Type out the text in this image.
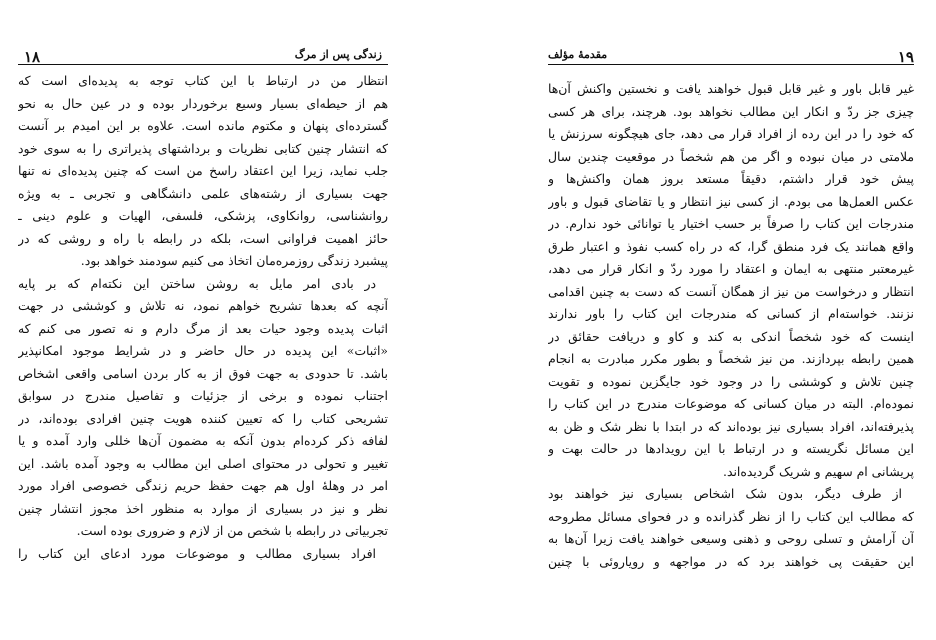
۱۸	زندگی پس از مرگ
انتظار من در ارتباط با این کتاب توجه به پدیده‌ای است که
هم از حیطه‌ای بسیار وسیع برخوردار بوده و در عین حال به نحو
گسترده‌ای پنهان و مکتوم مانده است. علاوه بر این امیدم بر آنست
که انتشار چنین کتابی نظریات و برداشتهای پذیراتری را به سوی خود
جلب نماید، زیرا این اعتقاد راسخ من است که چنین پدیده‌ای نه تنها
جهت بسیاری از رشته‌های علمی دانشگاهی و تجربی ـ به ویژه
روانشناسی، روانکاوی، پزشکی، فلسفی، الهیات و علوم دینی ـ
حائز اهمیت فراوانی است، بلکه در رابطه با راه و روشی که در
پیشبرد زندگی روزمره‌مان اتخاذ می کنیم سودمند خواهد بود.
در بادی امر مایل به روشن ساختن این نکته‌ام که بر پایه
آنچه که بعدها تشریح خواهم نمود، نه تلاش و کوششی در جهت
اثبات پدیده وجود حیات بعد از مرگ دارم و نه تصور می کنم که
«اثبات» این پدیده در حال حاضر و در شرایط موجود امکانپذیر
باشد. تا حدودی به جهت فوق از به کار بردن اسامی واقعی اشخاص
اجتناب نموده و برخی از جزئیات و تفاصیل مندرج در سوابق
تشریحی کتاب را که تعیین کننده هویت چنین افرادی بوده‌اند، در
لفافه ذکر کرده‌ام بدون آنکه به مضمون آن‌ها خللی وارد آمده و یا
تغییر و تحولی در محتوای اصلی این مطالب به وجود آمده باشد. این
امر در وهلهٔ اول هم جهت حفظ حریم زندگی خصوصی افراد مورد
نظر و نیز در بسیاری از موارد به منظور اخذ مجوز انتشار چنین
تجربیاتی در رابطه با شخص من از لازم و ضروری بوده است.
افراد بسیاری مطالب و موضوعات مورد ادعای این کتاب را
۱۹
مقدمهٔ مؤلف
غیر قابل باور و غیر قابل قبول خواهند یافت و نخستین واکنش آن‌ها
چیزی جز ردّ و انکار این مطالب نخواهد بود. هرچند، برای هر کسی
که خود را در این رده از افراد قرار می دهد، جای هیچگونه سرزنش یا
ملامتی در میان نبوده و اگر من هم شخصاً در موقعیت چندین سال
پیش خود قرار داشتم، دقیقاً مستعد بروز همان واکنش‌ها و
عکس العمل‌ها می بودم. از کسی نیز انتظار و یا تقاضای قبول و باور
مندرجات این کتاب را صرفاً بر حسب اختیار یا توانائی خود ندارم. در
واقع همانند یک فرد منطق گرا، که در راه کسب نفوذ و اعتبار طرق
غیرمعتبر منتهی به ایمان و اعتقاد را مورد ردّ و انکار قرار می دهد،
انتظار و درخواست من نیز از همگان آنست که دست به چنین اقدامی
نزنند. خواسته‌ام از کسانی که مندرجات این کتاب را باور ندارند
اینست که خود شخصاً اندکی به کند و کاو و دریافت حقائق در
همین رابطه بپردازند. من نیز شخصاً و بطور مکرر مبادرت به انجام
چنین تلاش و کوششی را در وجود خود جایگزین نموده و تقویت
نموده‌ام. البته در میان کسانی که موضوعات مندرج در این کتاب را
پذیرفته‌اند، افراد بسیاری نیز بوده‌اند که در ابتدا با نظر شک و ظن به
این مسائل نگریسته و در ارتباط با این رویدادها در حالت بهت و
پریشانی ام سهیم و شریک گردیده‌اند.
از طرف دیگر، بدون شک اشخاص بسیاری نیز خواهند بود
که مطالب این کتاب را از نظر گذرانده و در فحوای مسائل مطروحه
آن آرامش و تسلی روحی و ذهنی وسیعی خواهند یافت زیرا آن‌ها به
این حقیقت پی خواهند برد که در مواجهه و رویاروئی با چنین
